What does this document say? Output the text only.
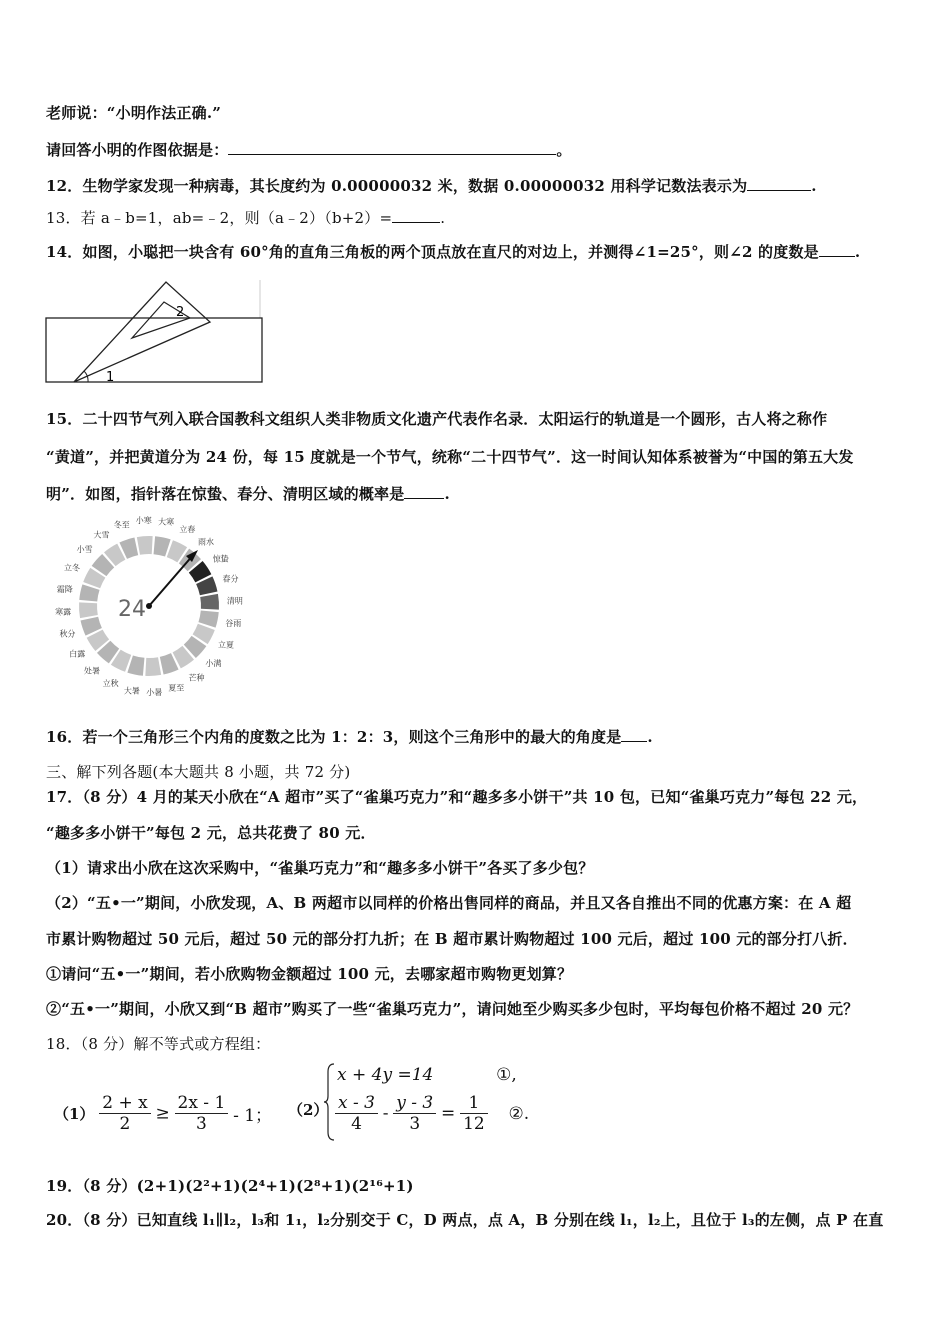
老师说：“小明作法正确.”
请回答小明的作图依据是：	。
12．生物学家发现一种病毒，其长度约为 0.00000032 米，数据 0.00000032 用科学记数法表示为	.
13．若 a﹣b=1，ab=﹣2，则（a﹣2）（b+2）=	.
14．如图，小聪把一块含有 60°角的直角三角板的两个顶点放在直尺的对边上，并测得∠1=25°，则∠2 的度数是 .
1
2
15．二十四节气列入联合国教科文组织人类非物质文化遗产代表作名录．太阳运行的轨道是一个圆形，古人将之称作
“黄道”，并把黄道分为 24 份，每 15 度就是一个节气，统称“二十四节气”．这一时间认知体系被誉为“中国的第五大发
明”．如图，指针落在惊蛰、春分、清明区域的概率是	.
冬至 小寒 大寒
立春
雨水
惊蛰
春分
清明
谷雨
立夏
小满
芒种
夏至
小暑
大暑
立秋
处暑
白露
秋分
寒露
霜降
立冬
小雪
大雪
24
16．若一个三角形三个内角的度数之比为 1：2：3，则这个三角形中的最大的角度是 .
三、解下列各题(本大题共 8 小题，共 72 分)
17．（8 分）4 月的某天小欣在“A 超市”买了“雀巢巧克力”和“趣多多小饼干”共 10 包，已知“雀巢巧克力”每包 22 元，
“趣多多小饼干”每包 2 元，总共花费了 80 元．
（1）请求出小欣在这次采购中，“雀巢巧克力”和“趣多多小饼干”各买了多少包？
（2）“五•一”期间，小欣发现，A、B 两超市以同样的价格出售同样的商品，并且又各自推出不同的优惠方案：在 A 超
市累计购物超过 50 元后，超过 50 元的部分打九折；在 B 超市累计购物超过 100 元后，超过 100 元的部分打八折．
①请问“五•一”期间，若小欣购物金额超过 100 元，去哪家超市购物更划算？
②“五•一”期间，小欣又到“B 超市”购买了一些“雀巢巧克力”，请问她至少购买多少包时，平均每包价格不超过 20 元？
18．（8 分）解不等式或方程组：
$(1) \frac{2 + x}{2} \ge \frac{2x - 1}{3} - 1$； （2）
x + 4y =14	①,
$\frac{x - 3}{4} - \frac{y - 3}{3} = \frac{1}{12}$ ②.
19．（8 分）(2+1)(2²+1)(2⁴+1)(2⁸+1)(2¹⁶+1)
20．（8 分）已知直线 l₁∥l₂，l₃和 1₁，l₂分别交于 C，D 两点，点 A，B 分别在线 l₁，l₂上，且位于 l₃的左侧，点 P 在直
